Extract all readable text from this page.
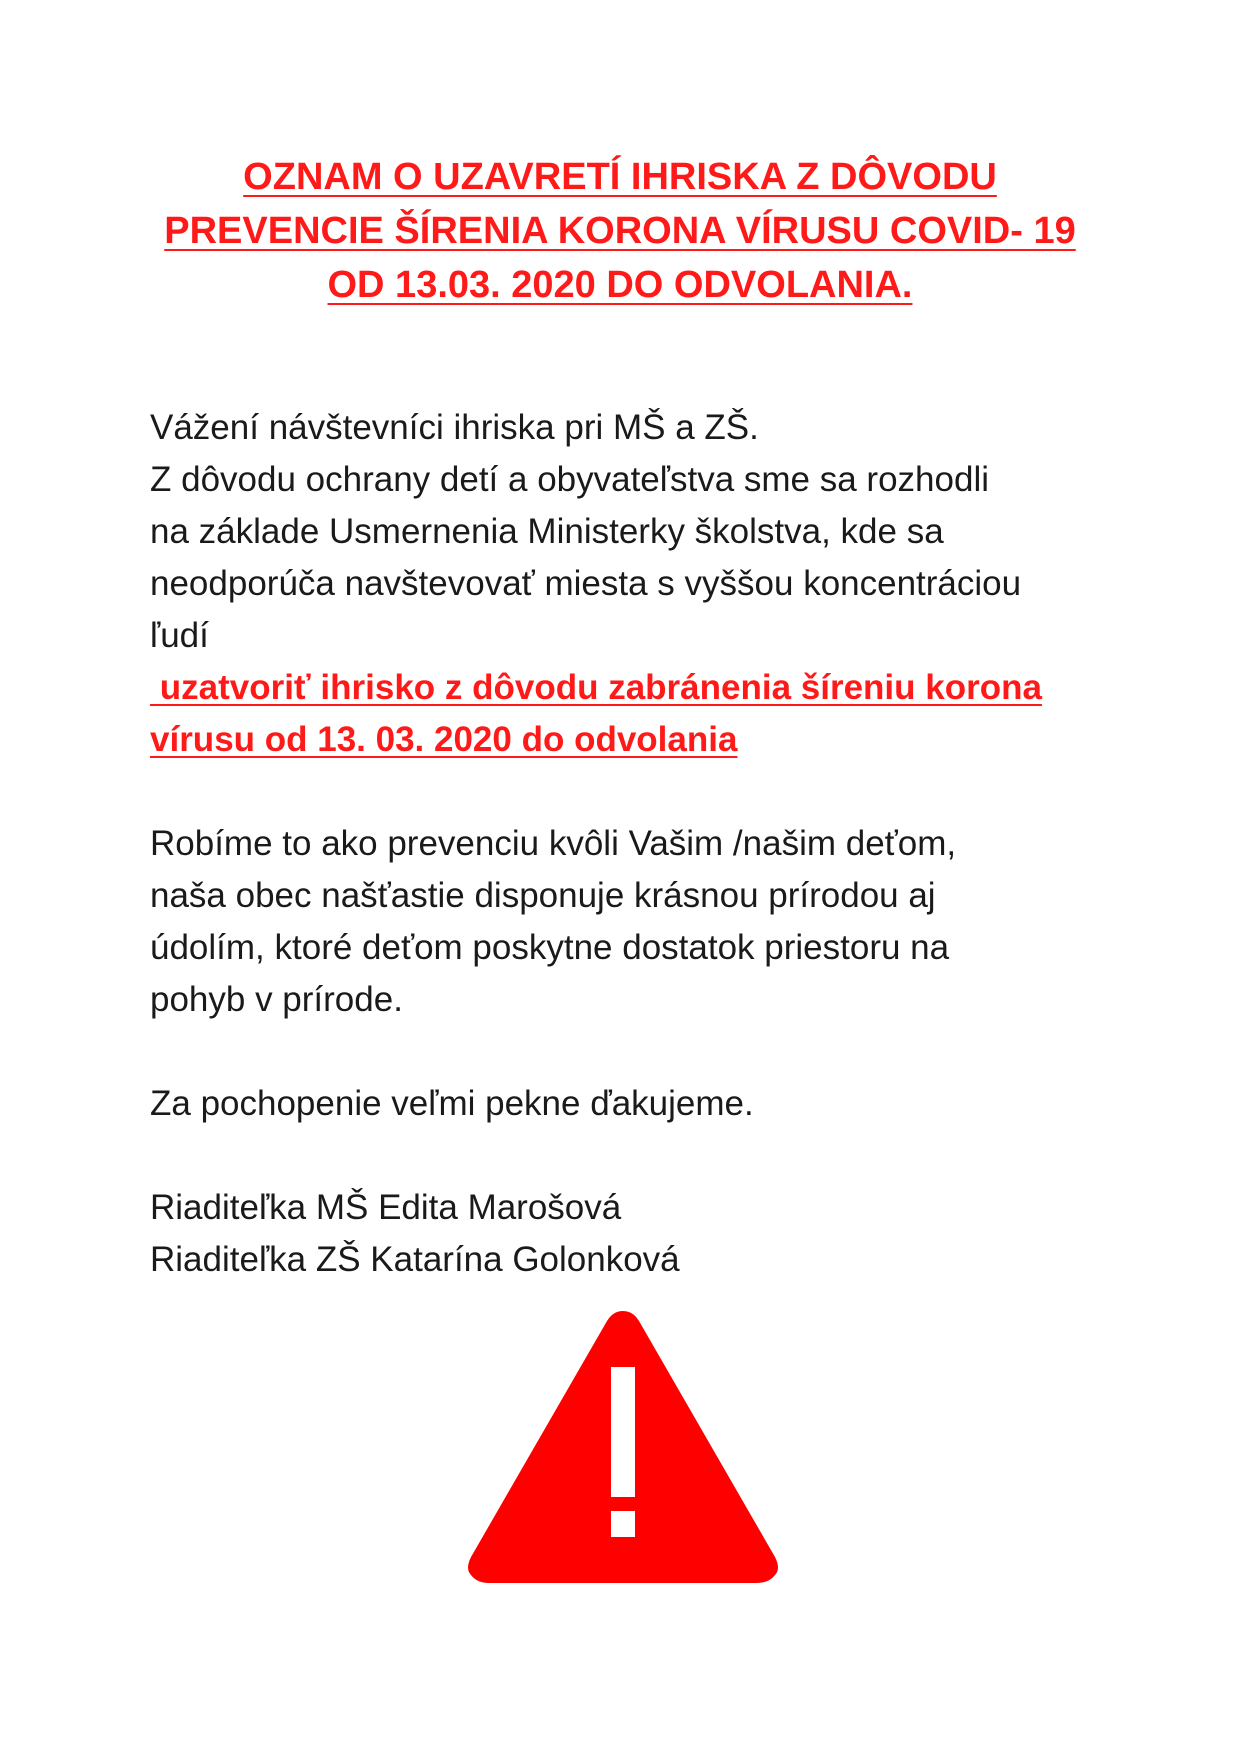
OZNAM O UZAVRETÍ IHRISKA Z DÔVODU
PREVENCIE ŠÍRENIA KORONA VÍRUSU COVID- 19
OD 13.03. 2020 DO ODVOLANIA.
Vážení návštevníci ihriska pri MŠ a ZŠ.
Z dôvodu ochrany detí a obyvateľstva sme sa rozhodli
na základe Usmernenia Ministerky školstva, kde sa
neodporúča navštevovať miesta s vyššou koncentráciou
ľudí
uzatvoriť ihrisko z dôvodu zabránenia šíreniu korona
vírusu od 13. 03. 2020 do odvolania
Robíme to ako prevenciu kvôli Vašim /našim deťom,
naša obec našťastie disponuje krásnou prírodou aj
údolím, ktoré deťom poskytne dostatok priestoru na
pohyb v prírode.
Za pochopenie veľmi pekne ďakujeme.
Riaditeľka MŠ Edita Marošová
Riaditeľka ZŠ Katarína Golonková
